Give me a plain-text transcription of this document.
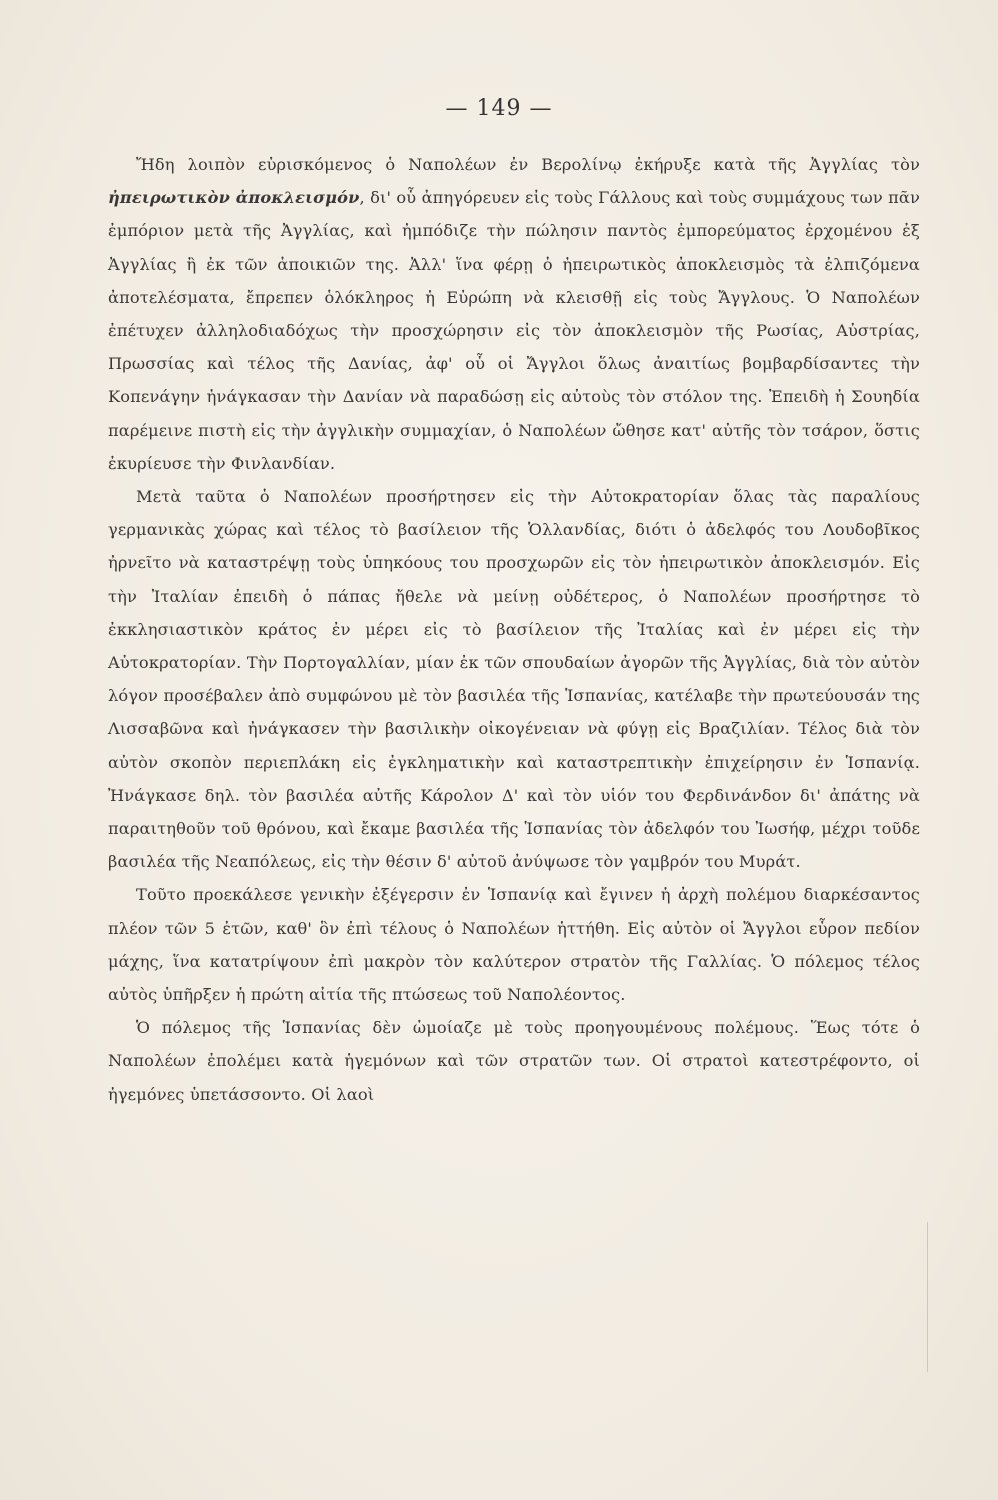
— 149 —

Ἤδη λοιπὸν εὑρισκόμενος ὁ Ναπολέων ἐν Βερολίνῳ ἐκήρυξε κατὰ τῆς Ἀγγλίας τὸν ἠπειρωτικὸν ἀποκλεισμόν, δι' οὗ ἀπηγόρευεν εἰς τοὺς Γάλλους καὶ τοὺς συμμάχους των πᾶν ἐμπόριον μετὰ τῆς Ἀγγλίας, καὶ ἠμπόδιζε τὴν πώλησιν παντὸς ἐμπορεύματος ἐρχομένου ἐξ Ἀγγλίας ἢ ἐκ τῶν ἀποικιῶν της. Ἀλλ' ἵνα φέρῃ ὁ ἠπειρωτικὸς ἀποκλεισμὸς τὰ ἐλπιζόμενα ἀποτελέσματα, ἔπρεπεν ὁλόκληρος ἡ Εὐρώπη νὰ κλεισθῇ εἰς τοὺς Ἄγγλους. Ὁ Ναπολέων ἐπέτυχεν ἀλληλοδιαδόχως τὴν προσχώρησιν εἰς τὸν ἀποκλεισμὸν τῆς Ρωσίας, Αὐστρίας, Πρωσσίας καὶ τέλος τῆς Δανίας, ἀφ' οὗ οἱ Ἄγγλοι ὅλως ἀναιτίως βομβαρδίσαντες τὴν Κοπενάγην ἠνάγκασαν τὴν Δανίαν νὰ παραδώσῃ εἰς αὐτοὺς τὸν στόλον της. Ἐπειδὴ ἡ Σουηδία παρέμεινε πιστὴ εἰς τὴν ἀγγλικὴν συμμαχίαν, ὁ Ναπολέων ὤθησε κατ' αὐτῆς τὸν τσάρον, ὅστις ἐκυρίευσε τὴν Φινλανδίαν.

Μετὰ ταῦτα ὁ Ναπολέων προσήρτησεν εἰς τὴν Αὐτοκρατορίαν ὅλας τὰς παραλίους γερμανικὰς χώρας καὶ τέλος τὸ βασίλειον τῆς Ὁλλανδίας, διότι ὁ ἀδελφός του Λουδοβῖκος ἠρνεῖτο νὰ καταστρέψῃ τοὺς ὑπηκόους του προσχωρῶν εἰς τὸν ἠπειρωτικὸν ἀποκλεισμόν. Εἰς τὴν Ἰταλίαν ἐπειδὴ ὁ πάπας ἤθελε νὰ μείνῃ οὐδέτερος, ὁ Ναπολέων προσήρτησε τὸ ἐκκλησιαστικὸν κράτος ἐν μέρει εἰς τὸ βασίλειον τῆς Ἰταλίας καὶ ἐν μέρει εἰς τὴν Αὐτοκρατορίαν. Τὴν Πορτογαλλίαν, μίαν ἐκ τῶν σπουδαίων ἀγορῶν τῆς Ἀγγλίας, διὰ τὸν αὐτὸν λόγον προσέβαλεν ἀπὸ συμφώνου μὲ τὸν βασιλέα τῆς Ἱσπανίας, κατέλαβε τὴν πρωτεύουσάν της Λισσαβῶνα καὶ ἠνάγκασεν τὴν βασιλικὴν οἰκογένειαν νὰ φύγῃ εἰς Βραζιλίαν. Τέλος διὰ τὸν αὐτὸν σκοπὸν περιεπλάκη εἰς ἐγκληματικὴν καὶ καταστρεπτικὴν ἐπιχείρησιν ἐν Ἱσπανίᾳ. Ἠνάγκασε δηλ. τὸν βασιλέα αὐτῆς Κάρολον Δ' καὶ τὸν υἱόν του Φερδινάνδον δι' ἀπάτης νὰ παραιτηθοῦν τοῦ θρόνου, καὶ ἔκαμε βασιλέα τῆς Ἱσπανίας τὸν ἀδελφόν του Ἰωσήφ, μέχρι τοῦδε βασιλέα τῆς Νεαπόλεως, εἰς τὴν θέσιν δ' αὐτοῦ ἀνύψωσε τὸν γαμβρόν του Μυράτ.

Τοῦτο προεκάλεσε γενικὴν ἐξέγερσιν ἐν Ἱσπανίᾳ καὶ ἔγινεν ἡ ἀρχὴ πολέμου διαρκέσαντος πλέον τῶν 5 ἐτῶν, καθ' ὃν ἐπὶ τέλους ὁ Ναπολέων ἡττήθη. Εἰς αὐτὸν οἱ Ἄγγλοι εὗρον πεδίον μάχης, ἵνα κατατρίψουν ἐπὶ μακρὸν τὸν καλύτερον στρατὸν τῆς Γαλλίας. Ὁ πόλεμος τέλος αὐτὸς ὑπῆρξεν ἡ πρώτη αἰτία τῆς πτώσεως τοῦ Ναπολέοντος.

Ὁ πόλεμος τῆς Ἱσπανίας δὲν ὡμοίαζε μὲ τοὺς προηγουμένους πολέμους. Ἕως τότε ὁ Ναπολέων ἐπολέμει κατὰ ἡγεμόνων καὶ τῶν στρατῶν των. Οἱ στρατοὶ κατεστρέφοντο, οἱ ἡγεμόνες ὑπετάσσοντο. Οἱ λαοὶ
